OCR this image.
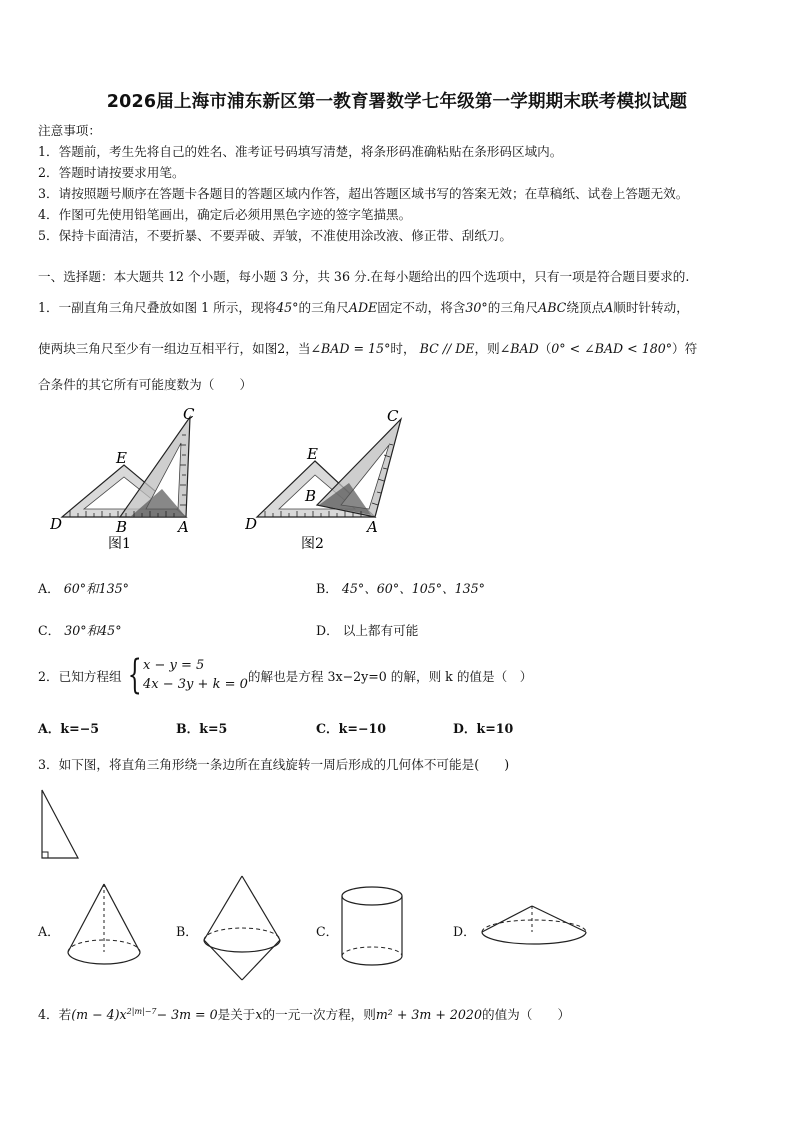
2026届上海市浦东新区第一教育署数学七年级第一学期期末联考模拟试题
注意事项：
1．答题前，考生先将自己的姓名、准考证号码填写清楚，将条形码准确粘贴在条形码区域内。
2．答题时请按要求用笔。
3．请按照题号顺序在答题卡各题目的答题区域内作答，超出答题区域书写的答案无效；在草稿纸、试卷上答题无效。
4．作图可先使用铅笔画出，确定后必须用黑色字迹的签字笔描黑。
5．保持卡面清洁，不要折暴、不要弄破、弄皱，不准使用涂改液、修正带、刮纸刀。
一、选择题：本大题共 12 个小题，每小题 3 分，共 36 分.在每小题给出的四个选项中，只有一项是符合题目要求的.
1．一副直角三角尺叠放如图 1 所示，现将45°的三角尺ADE固定不动，将含30°的三角尺ABC绕顶点A顺时针转动，
使两块三角尺至少有一组边互相平行，如图2，当∠BAD = 15°时， BC // DE，则∠BAD（0° < ∠BAD < 180°）符
合条件的其它所有可能度数为（　　）
C
E
D	B	A
图1
C
E
D
B
A
图2
A． 60°和135°	B． 45°、60°、105°、135°
C． 30°和45°	D． 以上都有可能
2．已知方程组 { x − y = 5
4x − 3y + k = 0
的解也是方程 3x−2y=0 的解，则 k 的值是（　）
A．k=−5	B．k=5	C．k=−10	D．k=10
3．如下图，将直角三角形绕一条边所在直线旋转一周后形成的几何体不可能是(　　)
A．	B．	C．	D．
4．若$(m - 4)x^{2|m|-7}- 3m = 0$是关于x的一元一次方程，则m² + 3m + 2020的值为（　　）
